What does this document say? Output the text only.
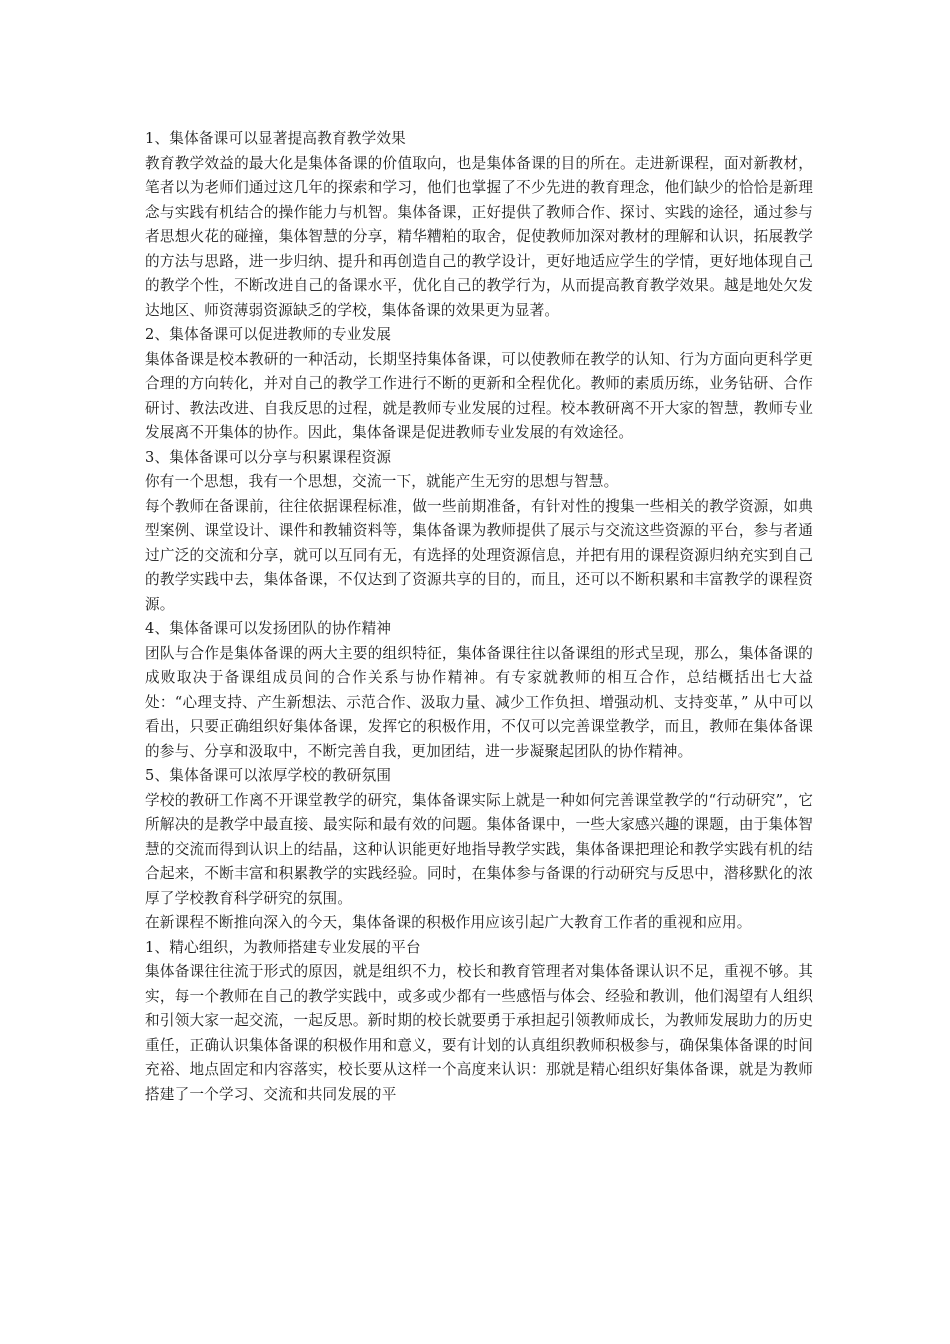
1、集体备课可以显著提高教育教学效果

教育教学效益的最大化是集体备课的价值取向，也是集体备课的目的所在。走进新课程，面对新教材，笔者以为老师们通过这几年的探索和学习，他们也掌握了不少先进的教育理念，他们缺少的恰恰是新理念与实践有机结合的操作能力与机智。集体备课，正好提供了教师合作、探讨、实践的途径，通过参与者思想火花的碰撞，集体智慧的分享，精华糟粕的取舍，促使教师加深对教材的理解和认识，拓展教学的方法与思路，进一步归纳、提升和再创造自己的教学设计，更好地适应学生的学情，更好地体现自己的教学个性，不断改进自己的备课水平，优化自己的教学行为，从而提高教育教学效果。越是地处欠发达地区、师资薄弱资源缺乏的学校，集体备课的效果更为显著。

2、集体备课可以促进教师的专业发展

集体备课是校本教研的一种活动，长期坚持集体备课，可以使教师在教学的认知、行为方面向更科学更合理的方向转化，并对自己的教学工作进行不断的更新和全程优化。教师的素质历练，业务钻研、合作研讨、教法改进、自我反思的过程，就是教师专业发展的过程。校本教研离不开大家的智慧，教师专业发展离不开集体的协作。因此，集体备课是促进教师专业发展的有效途径。

3、集体备课可以分享与积累课程资源

你有一个思想，我有一个思想，交流一下，就能产生无穷的思想与智慧。

每个教师在备课前，往往依据课程标准，做一些前期准备，有针对性的搜集一些相关的教学资源，如典型案例、课堂设计、课件和教辅资料等，集体备课为教师提供了展示与交流这些资源的平台，参与者通过广泛的交流和分享，就可以互同有无，有选择的处理资源信息，并把有用的课程资源归纳充实到自己的教学实践中去，集体备课，不仅达到了资源共享的目的，而且，还可以不断积累和丰富教学的课程资源。

4、集体备课可以发扬团队的协作精神

团队与合作是集体备课的两大主要的组织特征，集体备课往往以备课组的形式呈现，那么，集体备课的成败取决于备课组成员间的合作关系与协作精神。有专家就教师的相互合作，总结概括出七大益处：“心理支持、产生新想法、示范合作、汲取力量、减少工作负担、增强动机、支持变革，” 从中可以看出，只要正确组织好集体备课，发挥它的积极作用，不仅可以完善课堂教学，而且，教师在集体备课的参与、分享和汲取中，不断完善自我，更加团结，进一步凝聚起团队的协作精神。

5、集体备课可以浓厚学校的教研氛围

学校的教研工作离不开课堂教学的研究，集体备课实际上就是一种如何完善课堂教学的“行动研究”，它所解决的是教学中最直接、最实际和最有效的问题。集体备课中，一些大家感兴趣的课题，由于集体智慧的交流而得到认识上的结晶，这种认识能更好地指导教学实践，集体备课把理论和教学实践有机的结合起来，不断丰富和积累教学的实践经验。同时，在集体参与备课的行动研究与反思中，潜移默化的浓厚了学校教育科学研究的氛围。

在新课程不断推向深入的今天，集体备课的积极作用应该引起广大教育工作者的重视和应用。

1、精心组织，为教师搭建专业发展的平台

集体备课往往流于形式的原因，就是组织不力，校长和教育管理者对集体备课认识不足，重视不够。其实，每一个教师在自己的教学实践中，或多或少都有一些感悟与体会、经验和教训，他们渴望有人组织和引领大家一起交流，一起反思。新时期的校长就要勇于承担起引领教师成长，为教师发展助力的历史重任，正确认识集体备课的积极作用和意义，要有计划的认真组织教师积极参与，确保集体备课的时间充裕、地点固定和内容落实，校长要从这样一个高度来认识：那就是精心组织好集体备课，就是为教师搭建了一个学习、交流和共同发展的平
